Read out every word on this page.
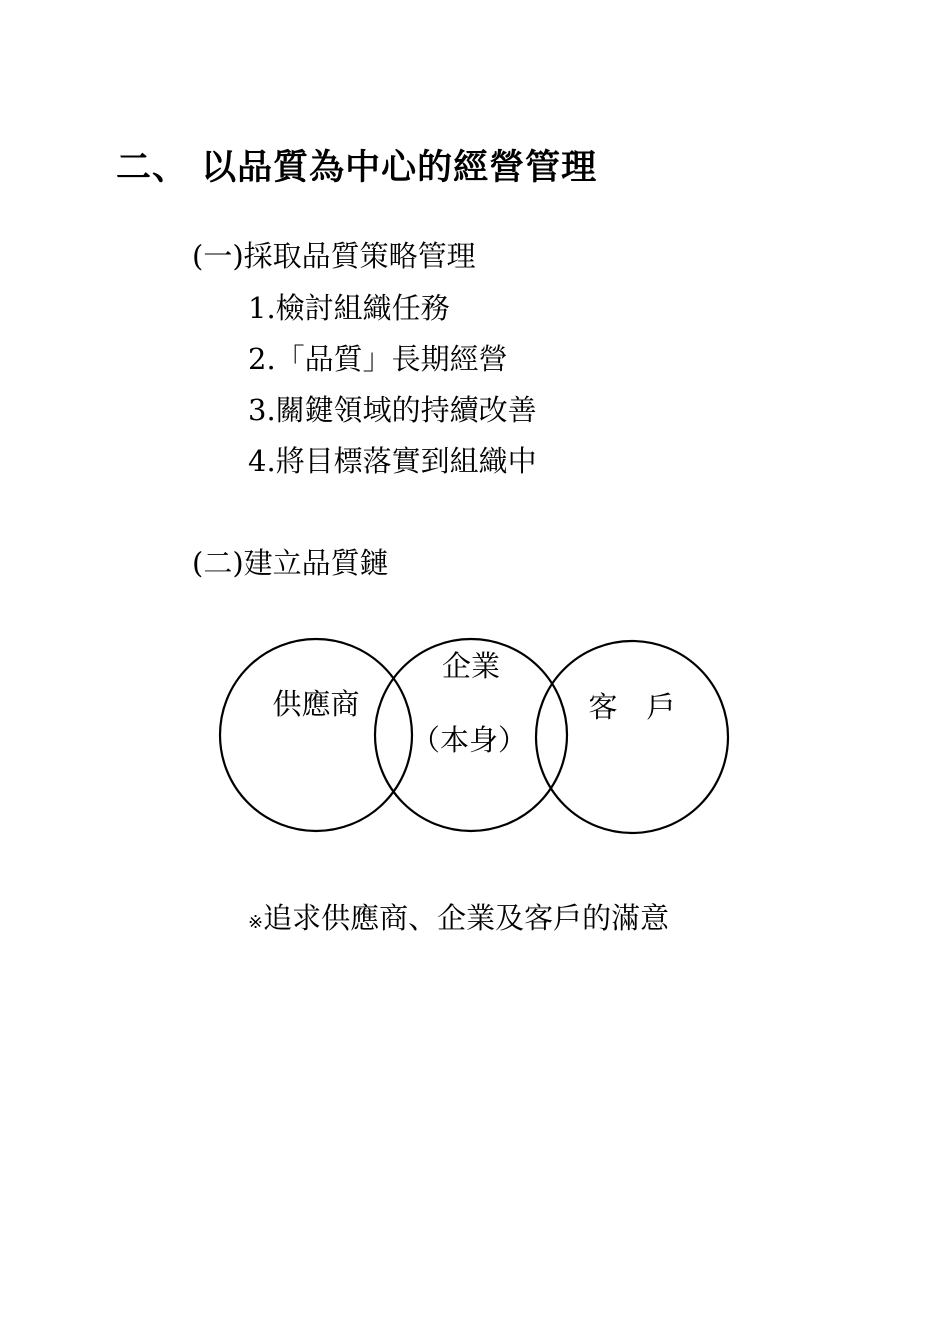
二、 以品質為中心的經營管理
(一)採取品質策略管理
1.檢討組織任務
2.「品質」長期經營
3.關鍵領域的持續改善
4.將目標落實到組織中
(二)建立品質鏈
供應商
企業
（本身）
客　戶
※追求供應商、企業及客戶的滿意
